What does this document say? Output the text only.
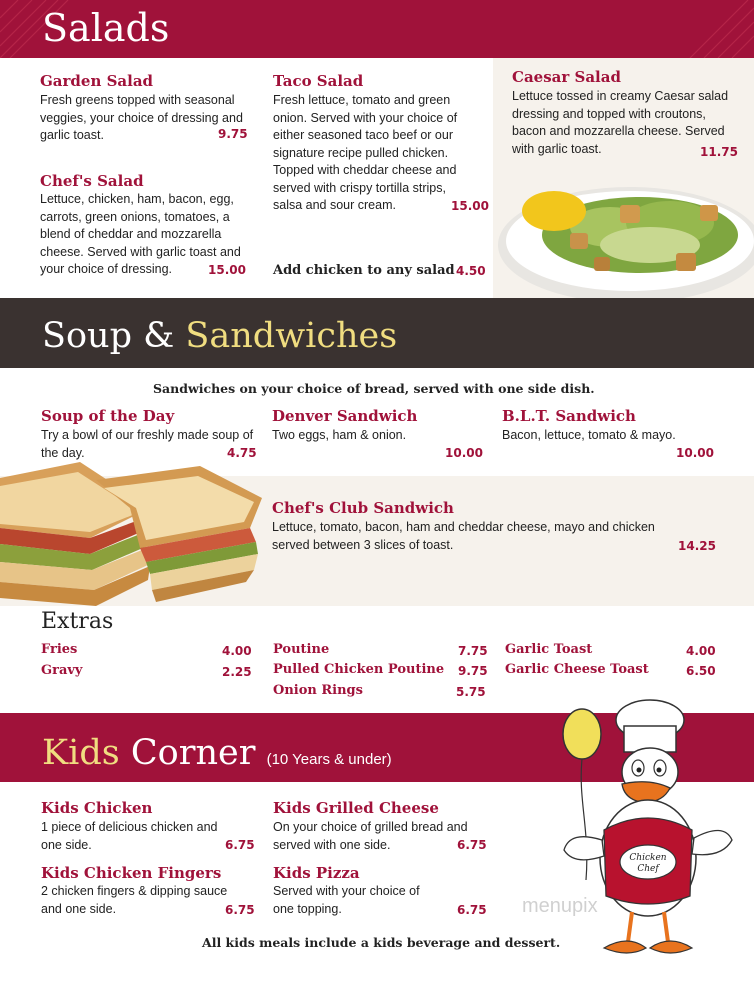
Salads
Garden Salad
Fresh greens topped with seasonal veggies, your choice of dressing and garlic toast.	9.75
Chef's Salad
Lettuce, chicken, ham, bacon, egg, carrots, green onions, tomatoes, a blend of cheddar and mozzarella cheese. Served with garlic toast and your choice of dressing.	15.00
Taco Salad
Fresh lettuce, tomato and green onion. Served with your choice of either seasoned taco beef or our signature recipe pulled chicken. Topped with cheddar cheese and served with crispy tortilla strips, salsa and sour cream.	15.00
Add chicken to any salad 4.50
Caesar Salad
Lettuce tossed in creamy Caesar salad dressing and topped with croutons, bacon and mozzarella cheese. Served with garlic toast.	11.75
Soup & Sandwiches
Sandwiches on your choice of bread, served with one side dish.
Soup of the Day
Try a bowl of our freshly made soup of the day.	4.75
Denver Sandwich
Two eggs, ham & onion.
10.00
B.L.T. Sandwich
Bacon, lettuce, tomato & mayo.
10.00
Chef's Club Sandwich
Lettuce, tomato, bacon, ham and cheddar cheese, mayo and chicken served between 3 slices of toast.	14.25
Extras
Fries	4.00
Gravy	2.25
Poutine	7.75
Pulled Chicken Poutine 9.75
Onion Rings	5.75
Garlic Toast	4.00
Garlic Cheese Toast	6.50
Kids Corner (10 Years & under)
Kids Chicken
1 piece of delicious chicken and one side.	6.75
Kids Grilled Cheese
On your choice of grilled bread and served with one side.	6.75
Kids Chicken Fingers
2 chicken fingers & dipping sauce and one side.	6.75
Kids Pizza
Served with your choice of one topping.	6.75
All kids meals include a kids beverage and dessert.
Chicken
Chef
menupix
